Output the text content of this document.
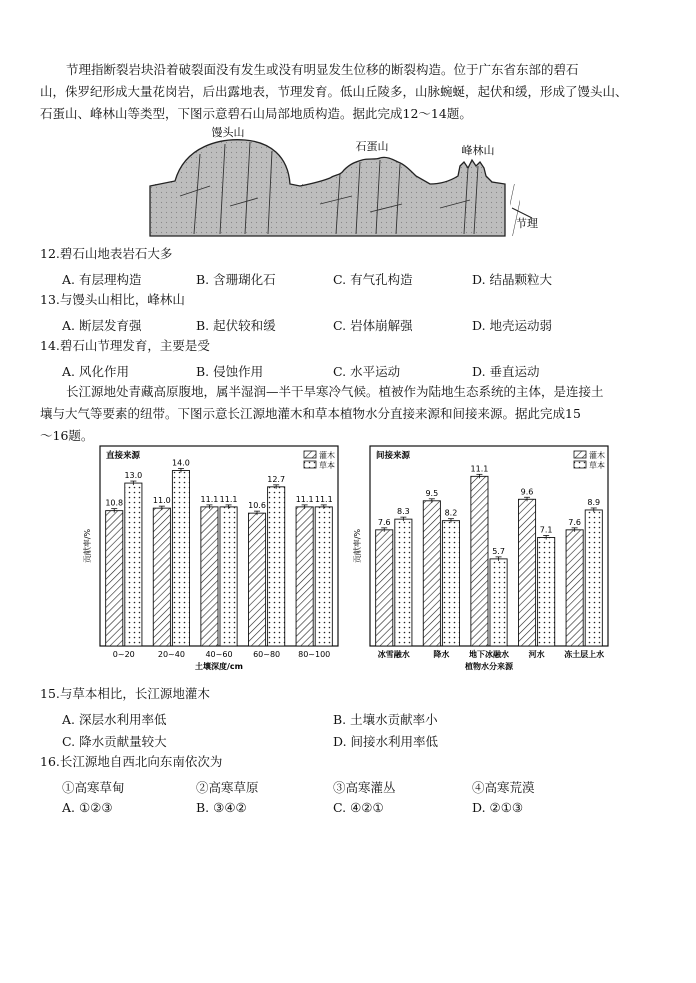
节理指断裂岩块沿着破裂面没有发生或没有明显发生位移的断裂构造。位于广东省东部的碧石
山，侏罗纪形成大量花岗岩，后出露地表，节理发育。低山丘陵多，山脉蜿蜒，起伏和缓，形成了馒头山、
石蛋山、峰林山等类型，下图示意碧石山局部地质构造。据此完成12～14题。
馒头山
石蛋山	峰林山
节理
12.碧石山地表岩石大多
A. 有层理构造	B. 含珊瑚化石	C. 有气孔构造	D. 结晶颗粒大
13.与馒头山相比，峰林山
A. 断层发育强	B. 起伏较和缓	C. 岩体崩解强	D. 地壳运动弱
14.碧石山节理发育，主要是受
A. 风化作用	B. 侵蚀作用	C. 水平运动	D. 垂直运动
长江源地处青藏高原腹地，属半湿润—半干旱寒冷气候。植被作为陆地生态系统的主体，是连接土
壤与大气等要素的纽带。下图示意长江源地灌木和草本植物水分直接来源和间接来源。据此完成15
～16题。
直接来源	灌木
草本
贡献率/%
10.8
13.0
0~20
11.0
14.0
20~40
11.1 11.1
40~60
10.6
12.7
60~80
11.1 11.1
80~100
土壤深度/cm
间接来源	灌木
草本
贡献率/%
7.6
8.3
冰雪融水
9.5
8.2
降水
11.1
5.7
地下冰融水
9.6
7.1
河水
7.6
8.9
冻土层上水
植物水分来源
15.与草本相比，长江源地灌木
A. 深层水利用率低	B. 土壤水贡献率小
C. 降水贡献量较大	D. 间接水利用率低
16.长江源地自西北向东南依次为
①高寒草甸	②高寒草原	③高寒灌丛	④高寒荒漠
A. ①②③	B. ③④②	C. ④②①	D. ②①③
